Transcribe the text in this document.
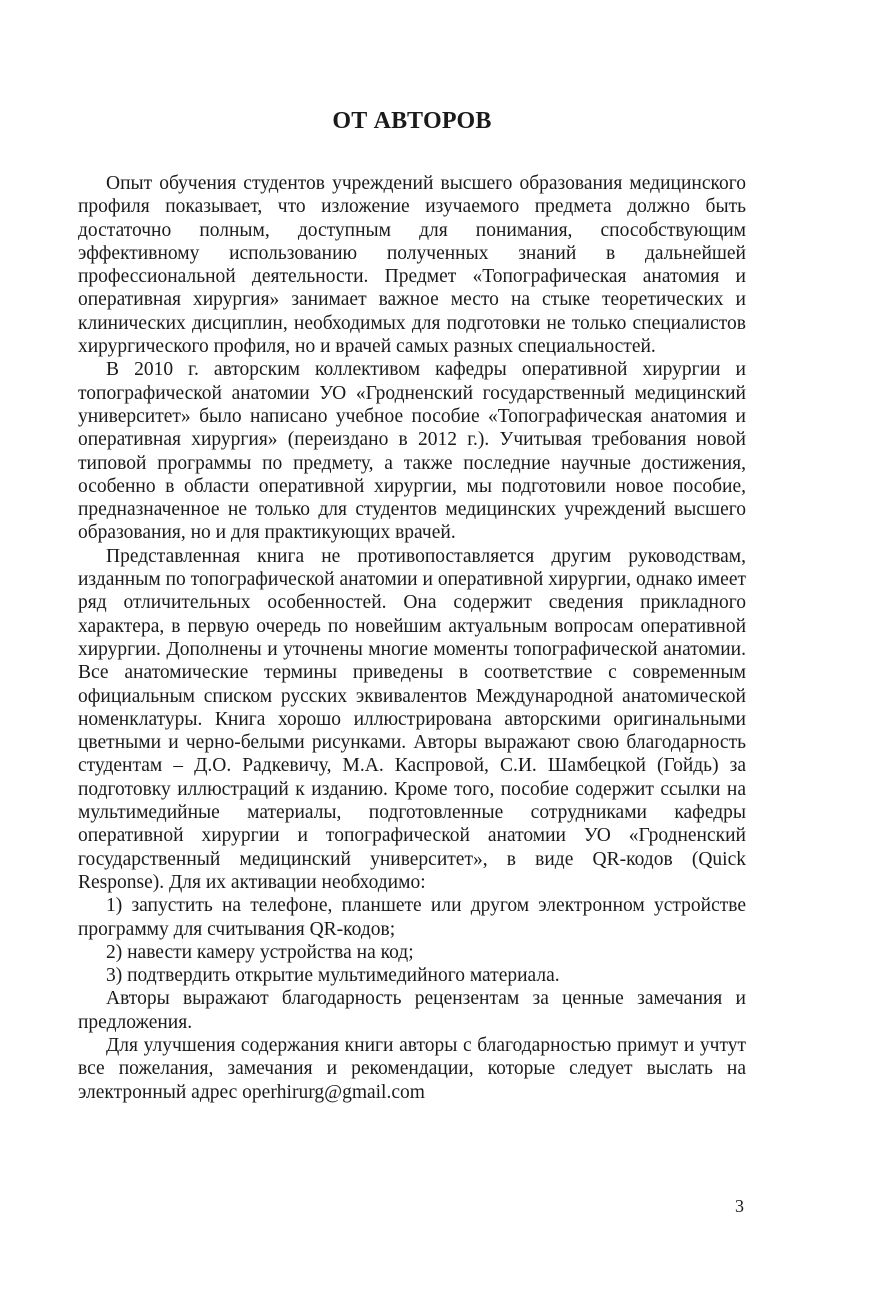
ОТ АВТОРОВ

Опыт обучения студентов учреждений высшего образования медицинского профиля показывает, что изложение изучаемого предмета должно быть достаточно полным, доступным для понимания, способствующим эффективному использованию полученных знаний в дальнейшей профессиональной деятельности. Предмет «Топографическая анатомия и оперативная хирургия» занимает важное место на стыке теоретических и клинических дисциплин, необходимых для подготовки не только специалистов хирургического профиля, но и врачей самых разных специальностей.

В 2010 г. авторским коллективом кафедры оперативной хирургии и топографической анатомии УО «Гродненский государственный медицинский университет» было написано учебное пособие «Топографическая анатомия и оперативная хирургия» (переиздано в 2012 г.). Учитывая требования новой типовой программы по предмету, а также последние научные достижения, особенно в области оперативной хирургии, мы подготовили новое пособие, предназначенное не только для студентов медицинских учреждений высшего образования, но и для практикующих врачей.

Представленная книга не противопоставляется другим руководствам, изданным по топографической анатомии и оперативной хирургии, однако имеет ряд отличительных особенностей. Она содержит сведения прикладного характера, в первую очередь по новейшим актуальным вопросам оперативной хирургии. Дополнены и уточнены многие моменты топографической анатомии. Все анатомические термины приведены в соответствие с современным официальным списком русских эквивалентов Международной анатомической номенклатуры. Книга хорошо иллюстрирована авторскими оригинальными цветными и черно-белыми рисунками. Авторы выражают свою благодарность студентам – Д.О. Радкевичу, М.А. Каспровой, С.И. Шамбецкой (Гойдь) за подготовку иллюстраций к изданию. Кроме того, пособие содержит ссылки на мультимедийные материалы, подготовленные сотрудниками кафедры оперативной хирургии и топографической анатомии УО «Гродненский государственный медицинский университет», в виде QR-кодов (Quick Response). Для их активации необходимо:

1) запустить на телефоне, планшете или другом электронном устройстве программу для считывания QR-кодов;

2) навести камеру устройства на код;

3) подтвердить открытие мультимедийного материала.

Авторы выражают благодарность рецензентам за ценные замечания и предложения.

Для улучшения содержания книги авторы с благодарностью примут и учтут все пожелания, замечания и рекомендации, которые следует выслать на электронный адрес operhirurg@gmail.com

3
